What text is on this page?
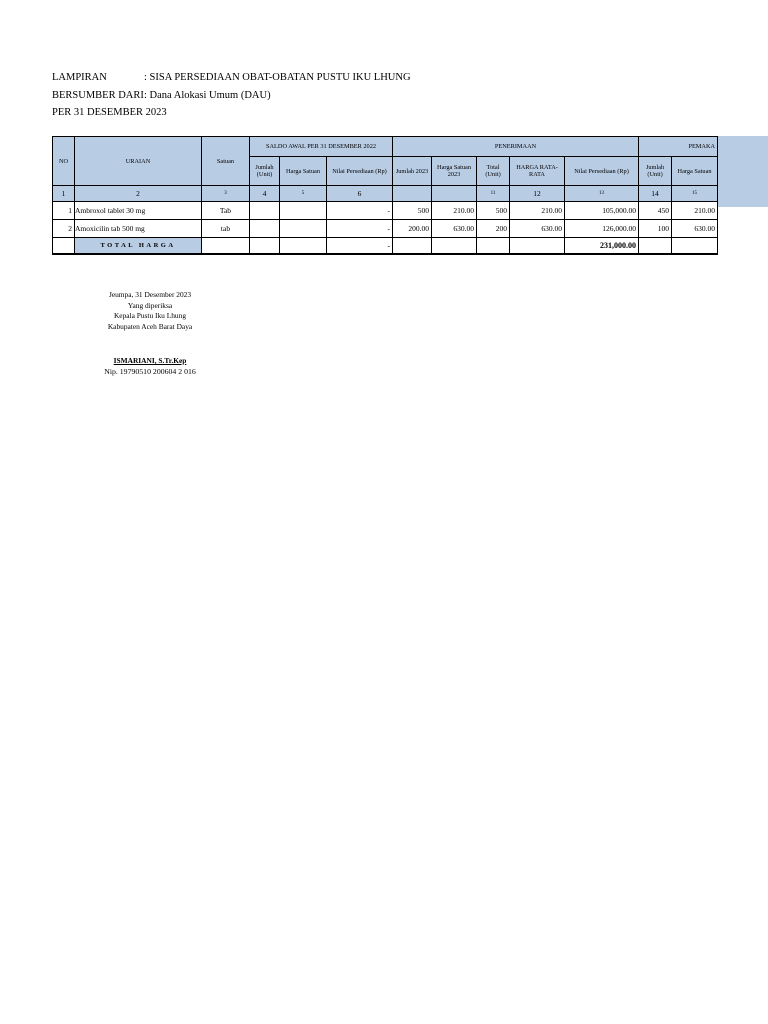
LAMPIRAN	: SISA PERSEDIAAN OBAT-OBATAN PUSTU IKU LHUNG
BERSUMBER DARI : Dana Alokasi Umum (DAU)
PER 31 DESEMBER 2023
NO	URAIAN	Satuan	SALDO AWAL PER 31 DESEMBER 2022			PENERIMAAN					PEMAKA	
			Jumlah (Unit)	Harga Satuan	Nilai Persediaan (Rp)	Jumlah 2023	Harga Satuan 2023	Total (Unit)	HARGA RATA-RATA	Nilai Persediaan (Rp)	Jumlah (Unit)	Harga Satuan
1	2	3	4	5	6			11	12	13	14	15
1	Ambroxol tablet 30 mg	Tab			-	500	210.00	500	210.00	105,000.00	450	210.00
2	Amoxicilin tab 500 mg	tab			-	200.00	630.00	200	630.00	126,000.00	100	630.00
	TOTAL HARGA				-					231,000.00		
Jeumpa, 31 Desember 2023
Yang diperiksa
Kepala Pustu Iku Lhung
Kabupaten Aceh Barat Daya
ISMARIANI, S.Tr.Kep
Nip. 19790510 200604 2 016
